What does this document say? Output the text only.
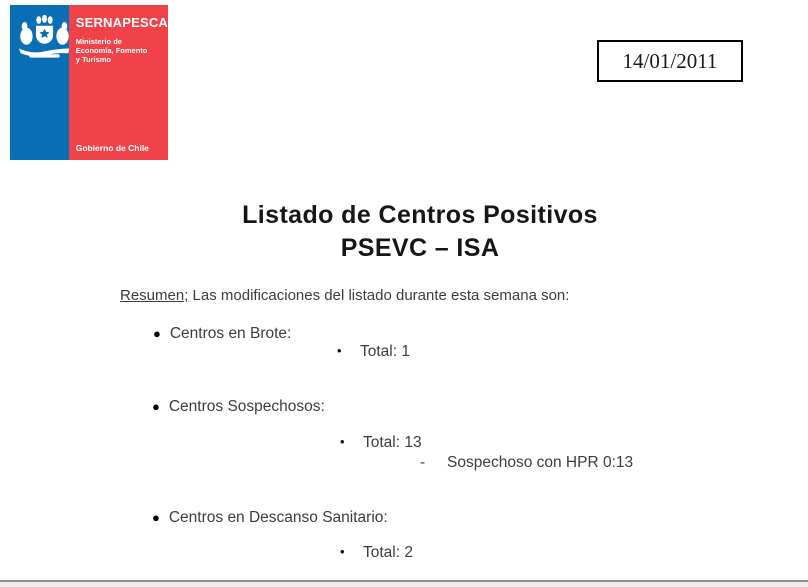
SERNAPESCA
Ministerio de
Economía, Fomento
y Turismo
Gobierno de Chile
14/01/2011
Listado de Centros Positivos
PSEVC – ISA
Resumen; Las modificaciones del listado durante esta semana son:
● Centros en Brote:
•	Total: 1
● Centros Sospechosos:
•	Total: 13
-	Sospechoso con HPR 0:13
● Centros en Descanso Sanitario:
•	Total: 2
